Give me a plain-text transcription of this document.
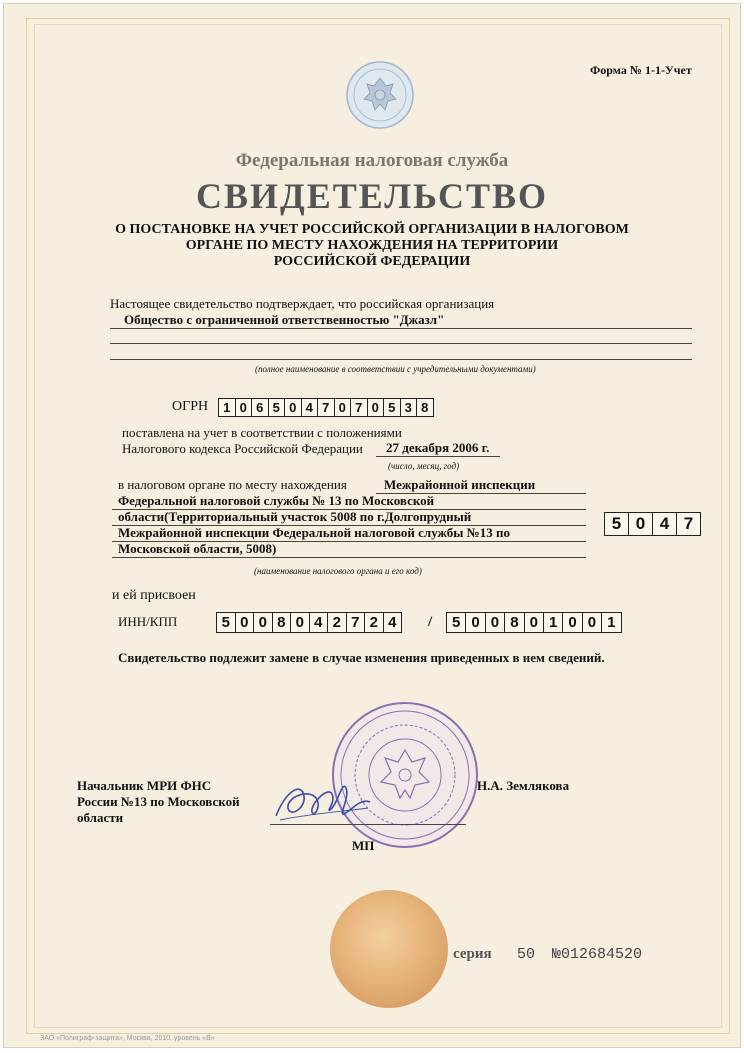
Форма № 1-1-Учет
Федеральная налоговая служба
СВИДЕТЕЛЬСТВО
О ПОСТАНОВКЕ НА УЧЕТ РОССИЙСКОЙ ОРГАНИЗАЦИИ В НАЛОГОВОМ
ОРГАНЕ ПО МЕСТУ НАХОЖДЕНИЯ НА ТЕРРИТОРИИ
РОССИЙСКОЙ ФЕДЕРАЦИИ
Настоящее свидетельство подтверждает, что российская организация
Общество с ограниченной ответственностью "Джазл"
(полное наименование в соответствии с учредительными документами)
ОГРН	1 0 6 5 0 4 7 0 7 0 5 3 8
поставлена на учет в соответствии с положениями
Налогового кодекса Российской Федерации 27 декабря 2006 г.
(число, месяц, год)
в налоговом органе по месту нахождения	Межрайонной инспекции
Федеральной налоговой службы № 13 по Московской
области(Территориальный участок 5008 по г.Долгопрудный
Межрайонной инспекции Федеральной налоговой службы №13 по
Московской области, 5008)
(наименование налогового органа и его код)
5 0 4 7
и ей присвоен
ИНН/КПП	5 0 0 8 0 4 2 7 2 4	/	5 0 0 8 0 1 0 0 1
Свидетельство подлежит замене в случае изменения приведенных в нем сведений.
Начальник МРИ ФНС
России №13 по Московской
области
Н.А. Землякова
МП
серия 50 №012684520
ЗАО «Полиграф-защита», Москва, 2010, уровень «В»
